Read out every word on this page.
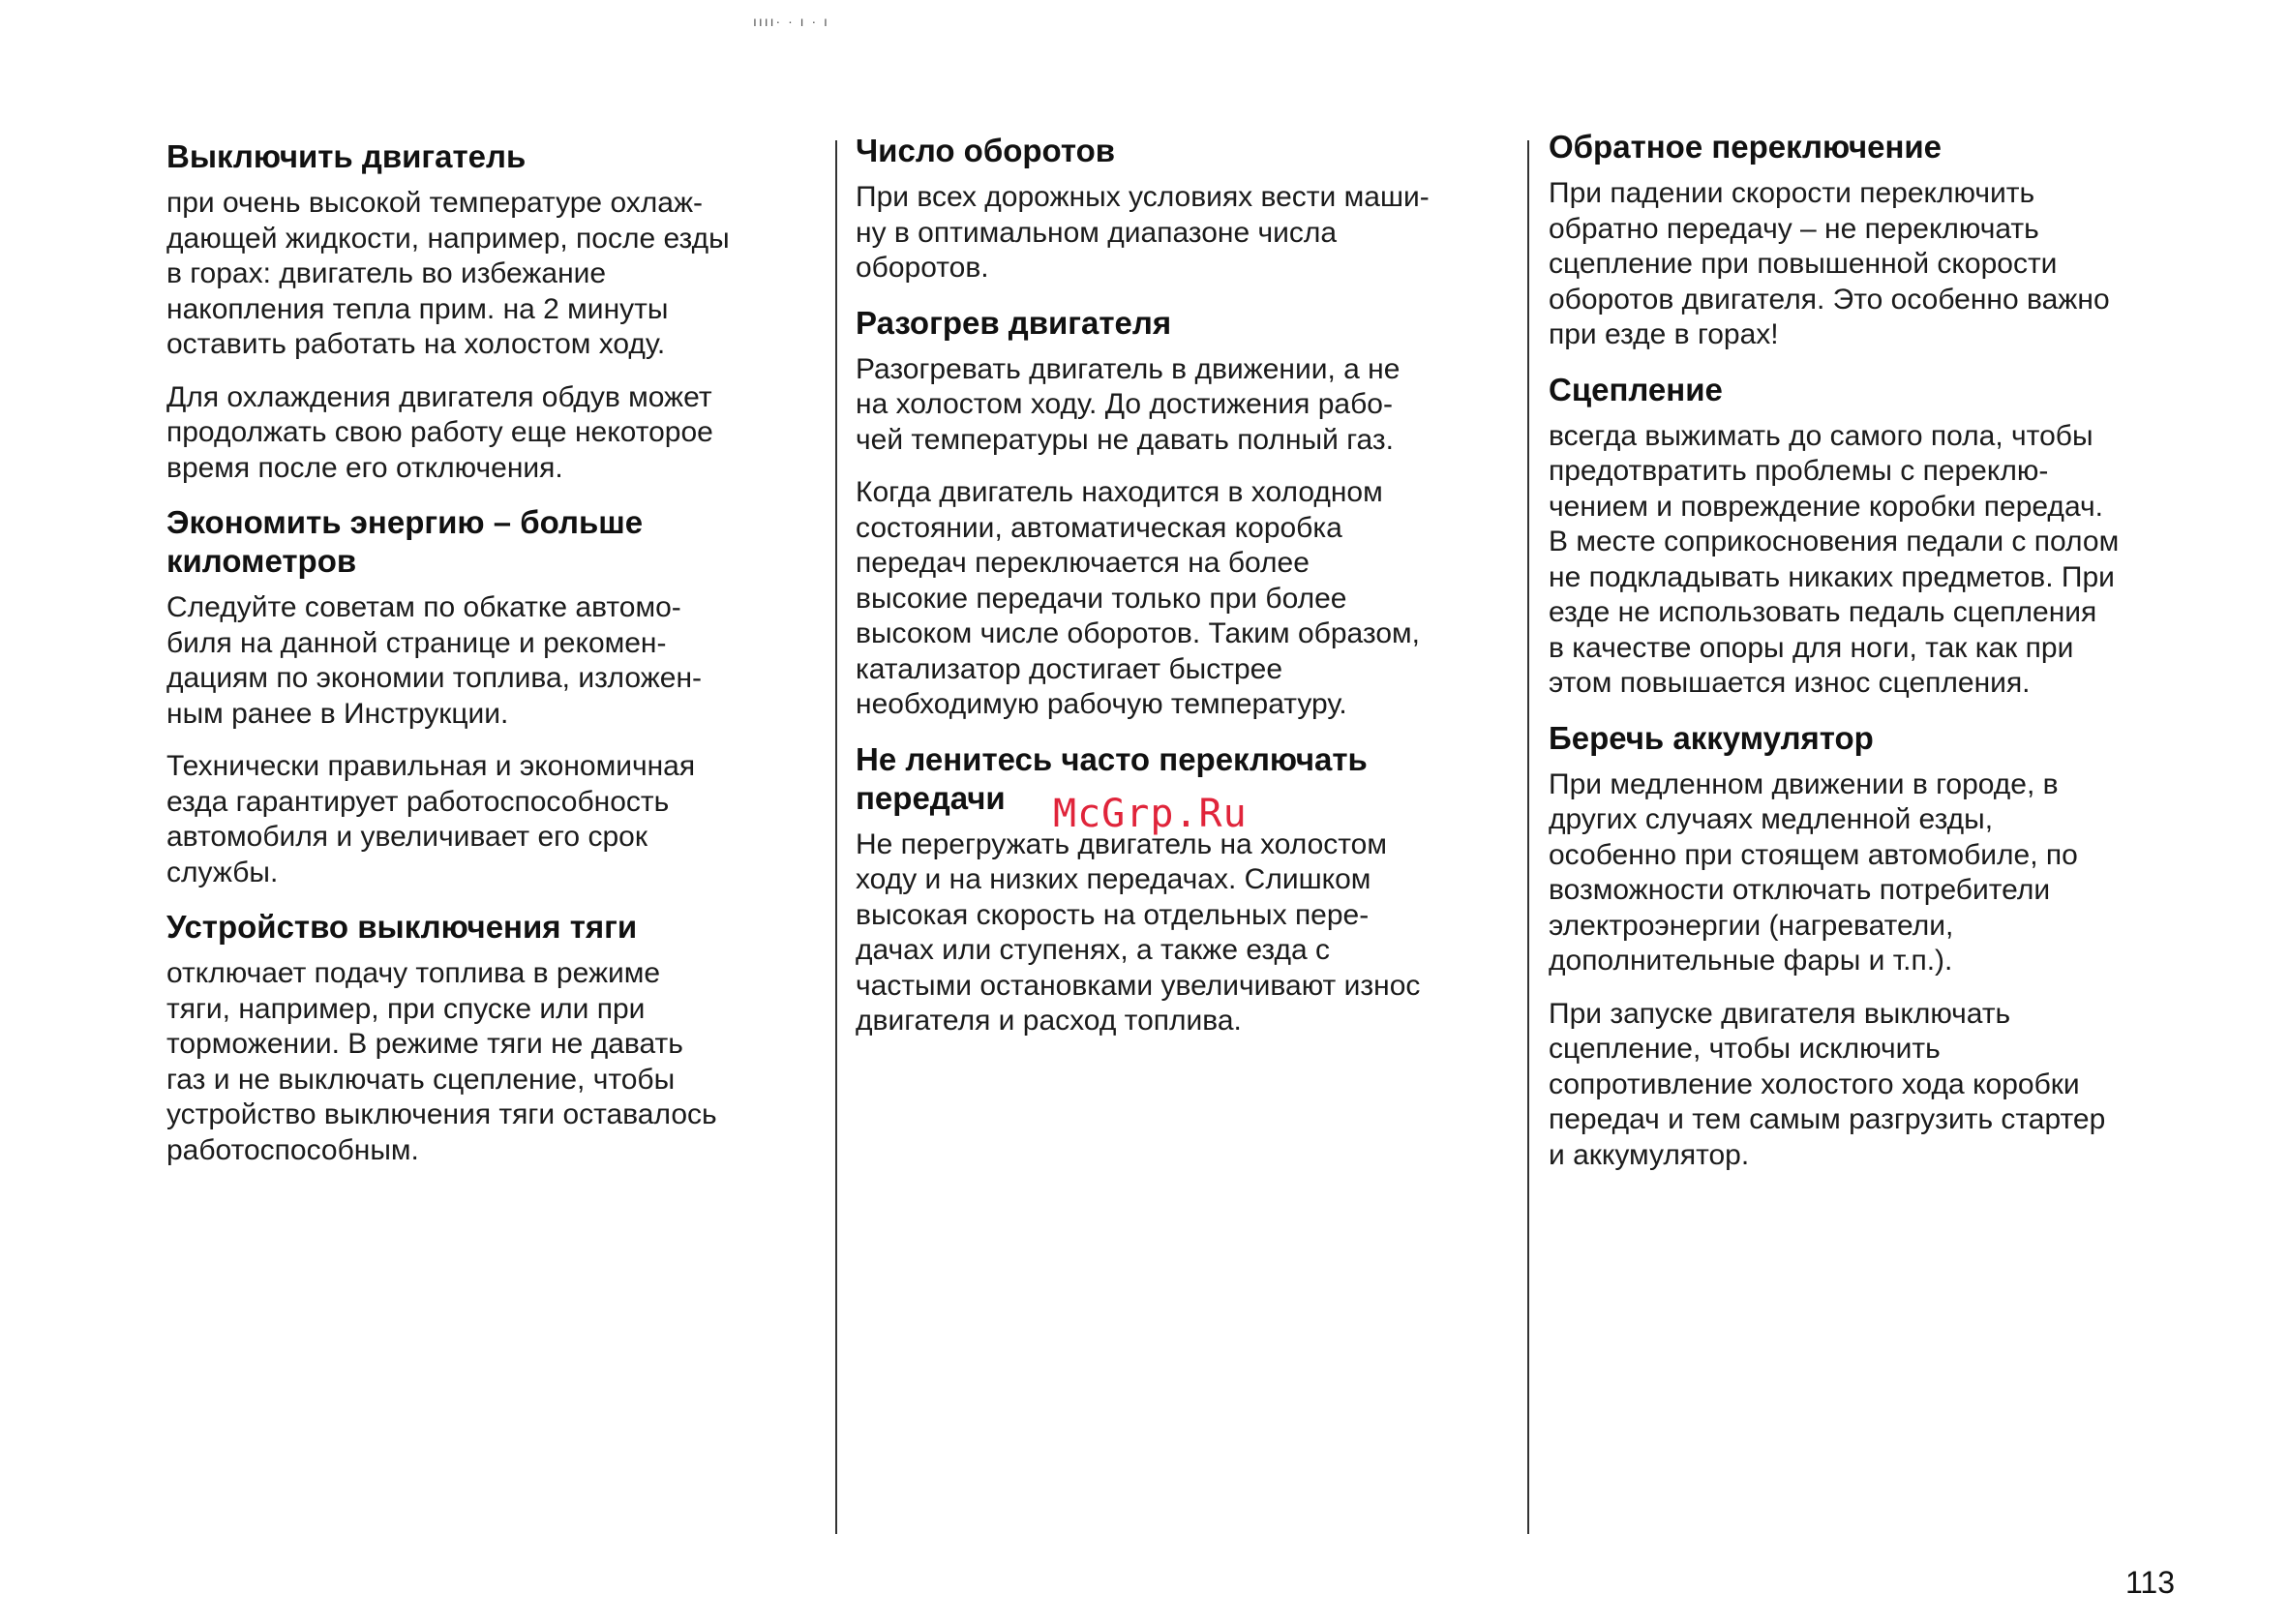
ıııı· · ı · ı
Выключить двигатель

при очень высокой температуре охлаж-
дающей жидкости, например, после езды
в горах: двигатель во избежание
накопления тепла прим. на 2 минуты
оставить работать на холостом ходу.

Для охлаждения двигателя обдув может
продолжать свою работу еще некоторое
время после его отключения.

Экономить энергию – больше
километров

Следуйте советам по обкатке автомо-
биля на данной странице и рекомен-
дациям по экономии топлива, изложен-
ным ранее в Инструкции.

Технически правильная и экономичная
езда гарантирует работоспособность
автомобиля и увеличивает его срок
службы.

Устройство выключения тяги

отключает подачу топлива в режиме
тяги, например, при спуске или при
торможении. В режиме тяги не давать
газ и не выключать сцепление, чтобы
устройство выключения тяги оставалось
работоспособным.

Число оборотов

При всех дорожных условиях вести маши-
ну в оптимальном диапазоне числа
оборотов.

Разогрев двигателя

Разогревать двигатель в движении, а не
на холостом ходу. До достижения рабо-
чей температуры не давать полный газ.

Когда двигатель находится в холодном
состоянии, автоматическая коробка
передач переключается на более
высокие передачи только при более
высоком числе оборотов. Таким образом,
катализатор достигает быстрее
необходимую рабочую температуру.

Не ленитесь часто переключать
передачи

Не перегружать двигатель на холостом
ходу и на низких передачах. Слишком
высокая скорость на отдельных пере-
дачах или ступенях, а также езда с
частыми остановками увеличивают износ
двигателя и расход топлива.

Обратное переключение

При падении скорости переключить
обратно передачу – не переключать
сцепление при повышенной скорости
оборотов двигателя. Это особенно важно
при езде в горах!

Сцепление

всегда выжимать до самого пола, чтобы
предотвратить проблемы с переклю-
чением и повреждение коробки передач.
В месте соприкосновения педали с полом
не подкладывать никаких предметов. При
езде не использовать педаль сцепления
в качестве опоры для ноги, так как при
этом повышается износ сцепления.

Беречь аккумулятор

При медленном движении в городе, в
других случаях медленной езды,
особенно при стоящем автомобиле, по
возможности отключать потребители
электроэнергии (нагреватели,
дополнительные фары и т.п.).

При запуске двигателя выключать
сцепление, чтобы исключить
сопротивление холостого хода коробки
передач и тем самым разгрузить стартер
и аккумулятор.

McGrp.Ru
113
